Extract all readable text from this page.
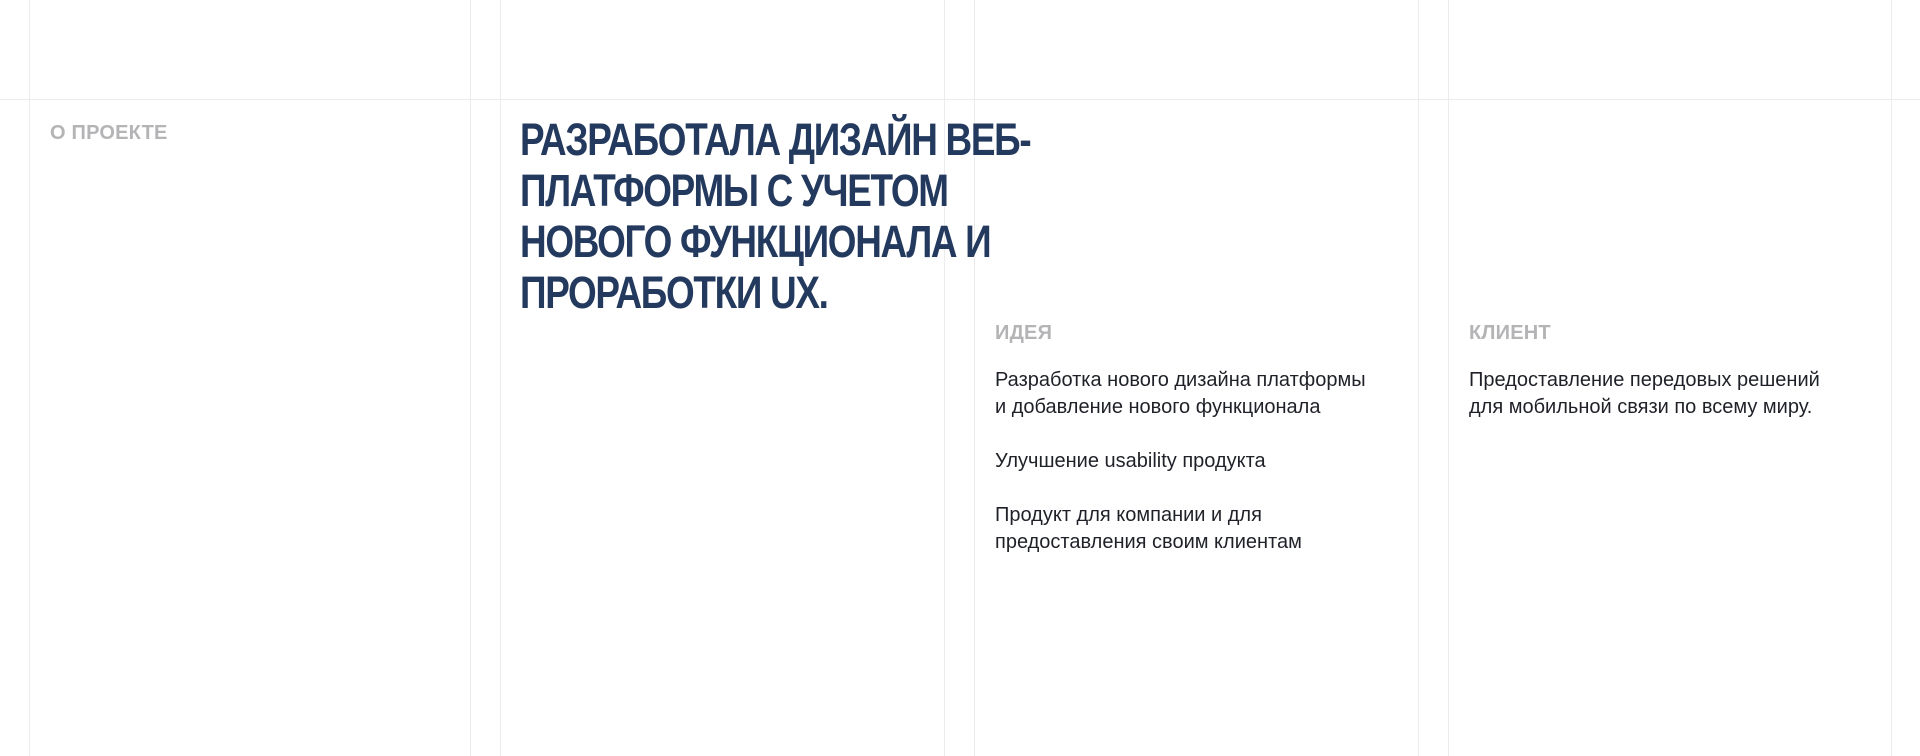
О ПРОЕКТЕ	РАЗРАБОТАЛА ДИЗАЙН ВЕБ-ПЛАТФОРМЫ С УЧЕТОМ
НОВОГО ФУНКЦИОНАЛА И ПРОРАБОТКИ UX.

ИДЕЯ

Разработка нового дизайна платформы
и добавление нового функционала
Улучшение usability продукта
Продукт для компании и для
предоставления своим клиентам

КЛИЕНТ

Предоставление передовых решений
для мобильной связи по всему миру.
